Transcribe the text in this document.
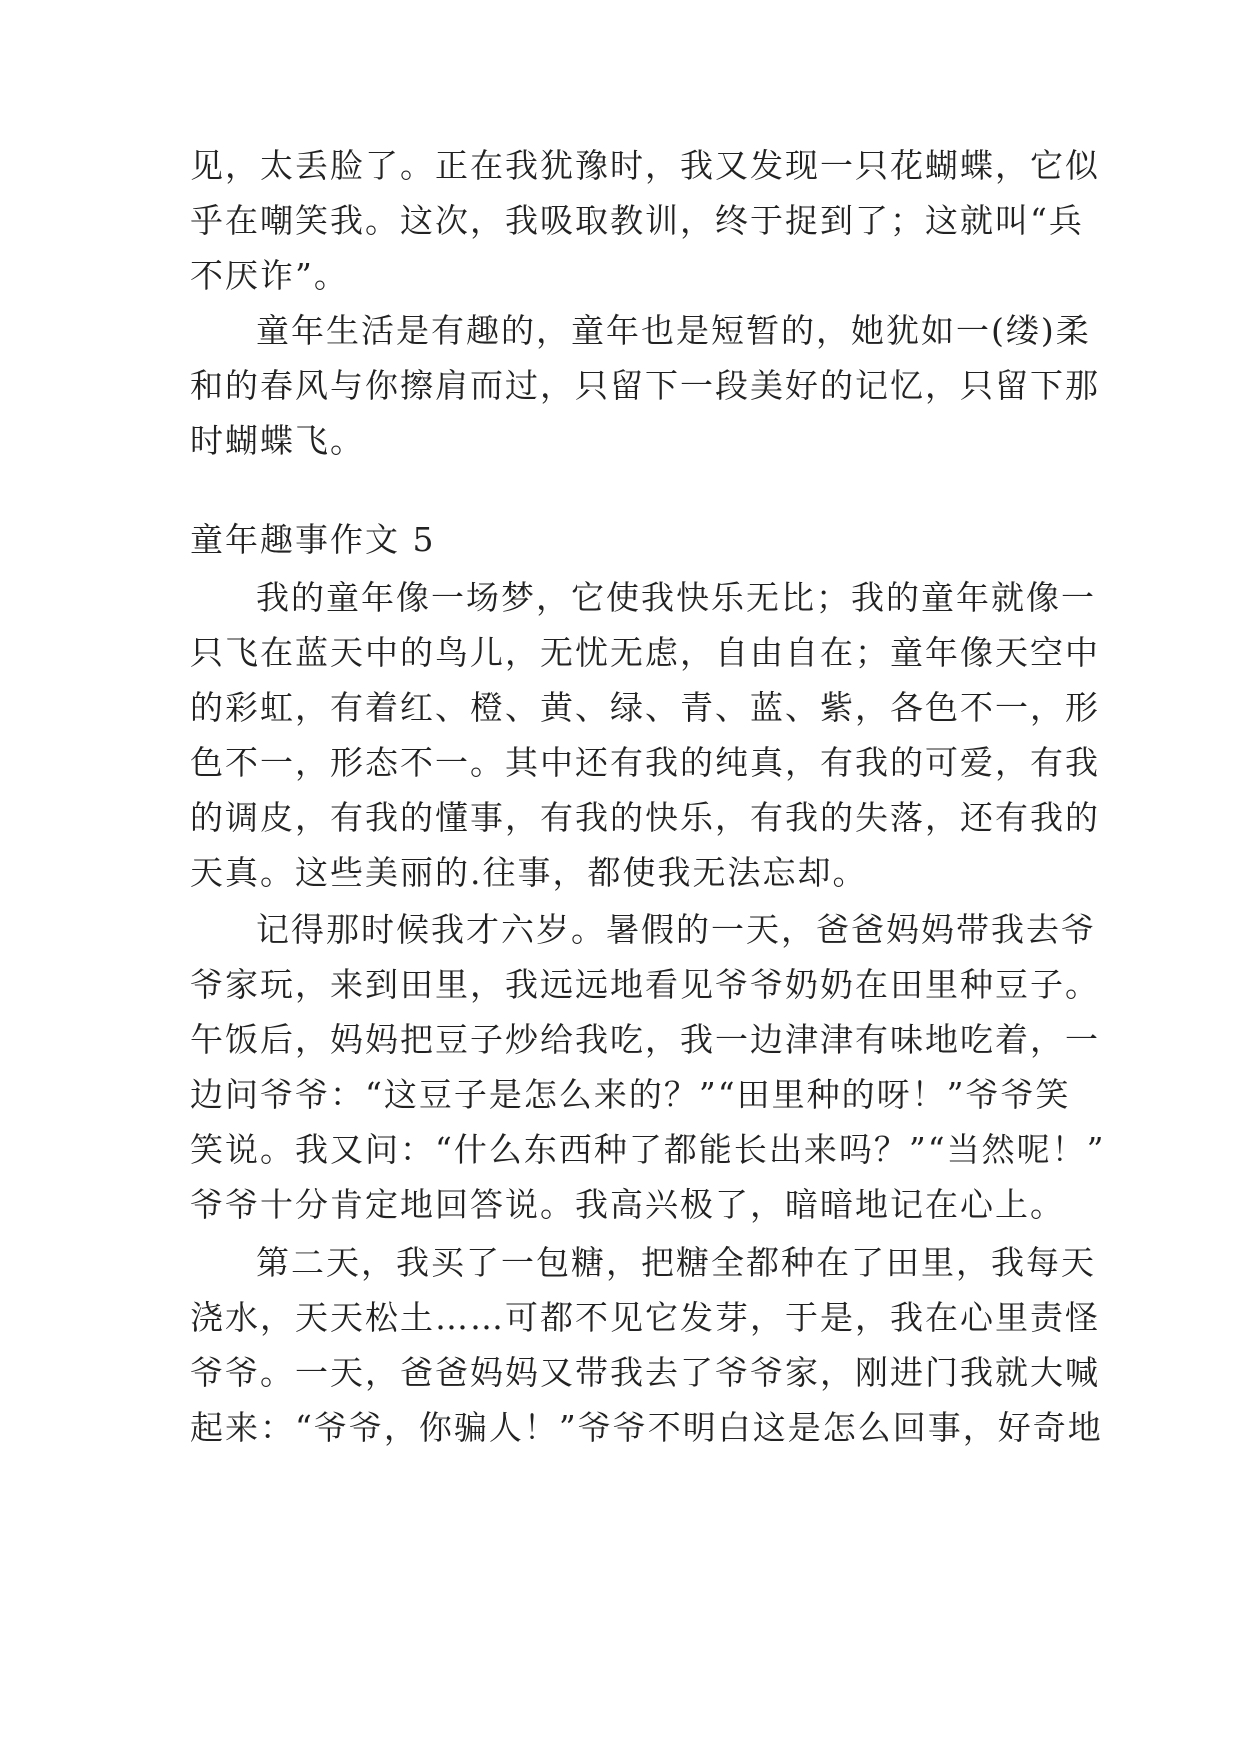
见，太丢脸了。正在我犹豫时，我又发现一只花蝴蝶，它似
乎在嘲笑我。这次，我吸取教训，终于捉到了；这就叫“兵
不厌诈”。
童年生活是有趣的，童年也是短暂的，她犹如一(缕)柔
和的春风与你擦肩而过，只留下一段美好的记忆，只留下那
时蝴蝶飞。
童年趣事作文 5
我的童年像一场梦，它使我快乐无比；我的童年就像一
只飞在蓝天中的鸟儿，无忧无虑，自由自在；童年像天空中
的彩虹，有着红、橙、黄、绿、青、蓝、紫，各色不一，形
色不一，形态不一。其中还有我的纯真，有我的可爱，有我
的调皮，有我的懂事，有我的快乐，有我的失落，还有我的
天真。这些美丽的.往事，都使我无法忘却。
记得那时候我才六岁。暑假的一天，爸爸妈妈带我去爷
爷家玩，来到田里，我远远地看见爷爷奶奶在田里种豆子。
午饭后，妈妈把豆子炒给我吃，我一边津津有味地吃着，一
边问爷爷：“这豆子是怎么来的？”“田里种的呀！”爷爷笑
笑说。我又问：“什么东西种了都能长出来吗？”“当然呢！”
爷爷十分肯定地回答说。我高兴极了，暗暗地记在心上。
第二天，我买了一包糖，把糖全都种在了田里，我每天
浇水，天天松土……可都不见它发芽，于是，我在心里责怪
爷爷。一天，爸爸妈妈又带我去了爷爷家，刚进门我就大喊
起来：“爷爷，你骗人！”爷爷不明白这是怎么回事，好奇地
